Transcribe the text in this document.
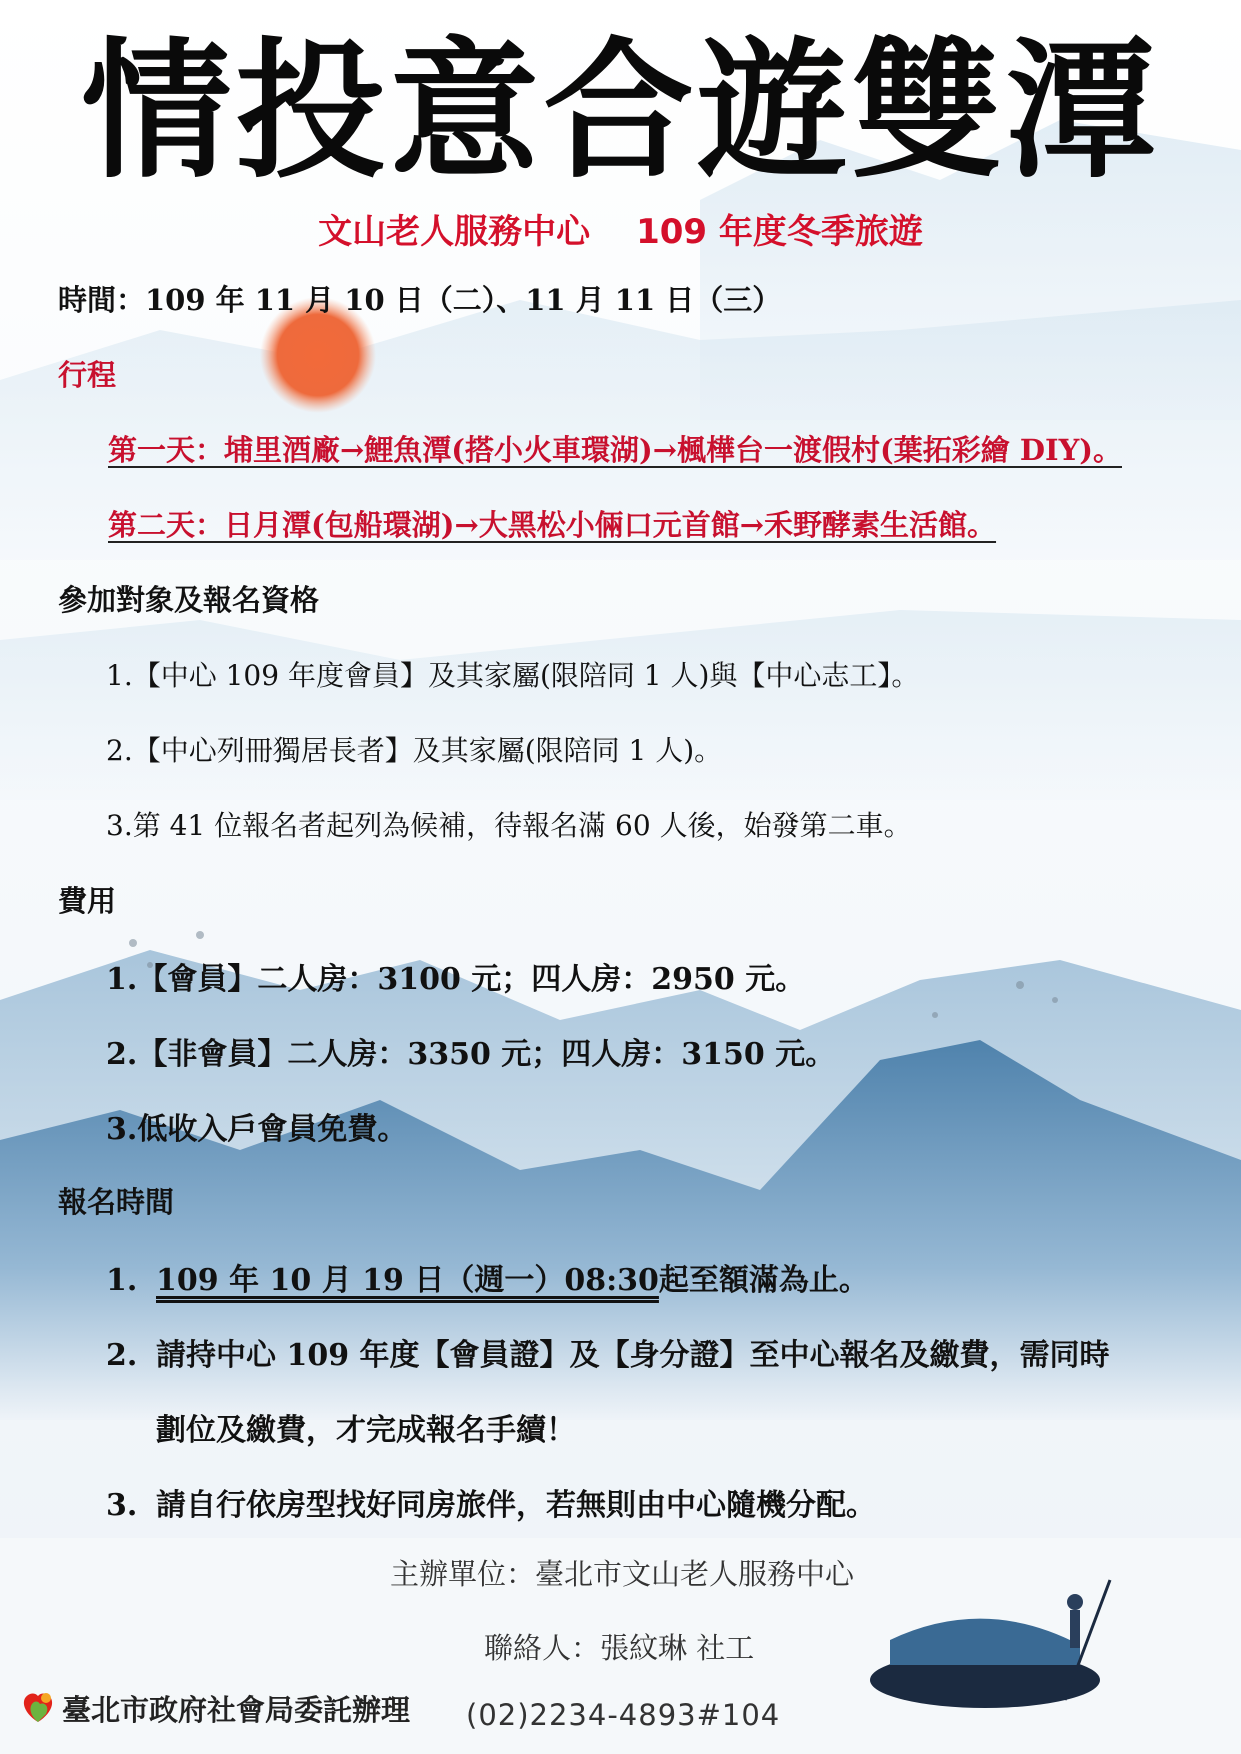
情投意合遊雙潭
文山老人服務中心 109 年度冬季旅遊
時間：109 年 11 月 10 日（二）、11 月 11 日（三）
行程
第一天：埔里酒廠→鯉魚潭(搭小火車環湖)→楓樺台一渡假村(葉拓彩繪 DIY)。
第二天：日月潭(包船環湖)→大黑松小倆口元首館→禾野酵素生活館。
參加對象及報名資格
1.【中心 109 年度會員】及其家屬(限陪同 1 人)與【中心志工】。
2.【中心列冊獨居長者】及其家屬(限陪同 1 人)。
3.第 41 位報名者起列為候補，待報名滿 60 人後，始發第二車。
費用
1.【會員】二人房：3100 元；四人房：2950 元。
2.【非會員】二人房：3350 元；四人房：3150 元。
3.低收入戶會員免費。
報名時間
1. 109 年 10 月 19 日（週一）08:30起至額滿為止。
2. 請持中心 109 年度【會員證】及【身分證】至中心報名及繳費，需同時
劃位及繳費，才完成報名手續！
3. 請自行依房型找好同房旅伴，若無則由中心隨機分配。
主辦單位：臺北市文山老人服務中心
聯絡人：張紋琳 社工
(02)2234-4893#104
臺北市政府社會局委託辦理
